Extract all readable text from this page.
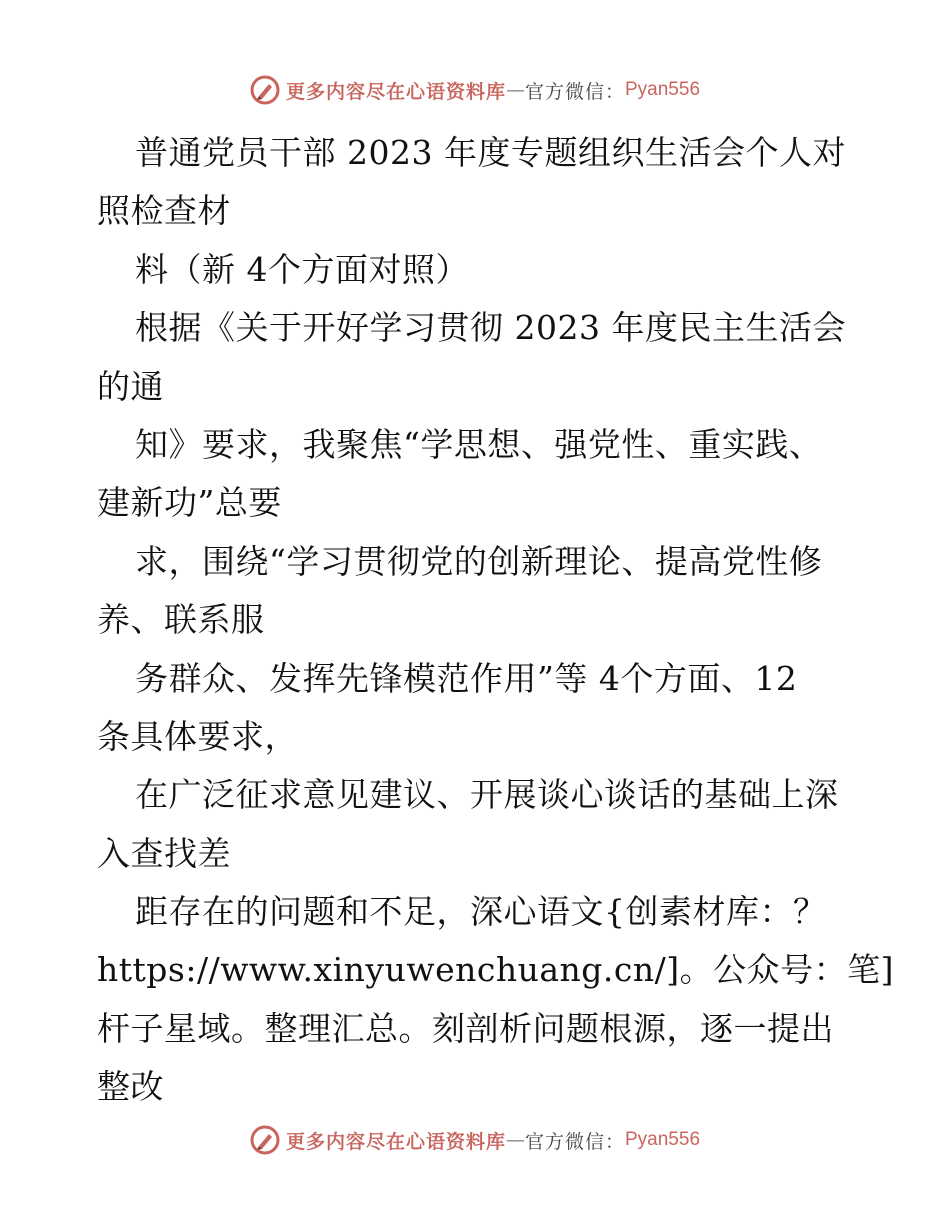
更多内容尽在心语资料库 — 官方微信： Pyan556
普通党员干部 2023 年度专题组织生活会个人对
照检查材
料（新 4个方面对照）
根据《关于开好学习贯彻 2023 年度民主生活会
的通
知》要求，我聚焦“学思想、强党性、重实践、
建新功”总要
求，围绕“学习贯彻党的创新理论、提高党性修
养、联系服
务群众、发挥先锋模范作用”等 4个方面、12
条具体要求，
在广泛征求意见建议、开展谈心谈话的基础上深
入查找差
距存在的问题和不足，深心语文{创素材库：？
https://www.xinyuwenchuang.cn/]。公众号：笔]
杆子星域。整理汇总。刻剖析问题根源，逐一提出
整改
更多内容尽在心语资料库 — 官方微信： Pyan556
